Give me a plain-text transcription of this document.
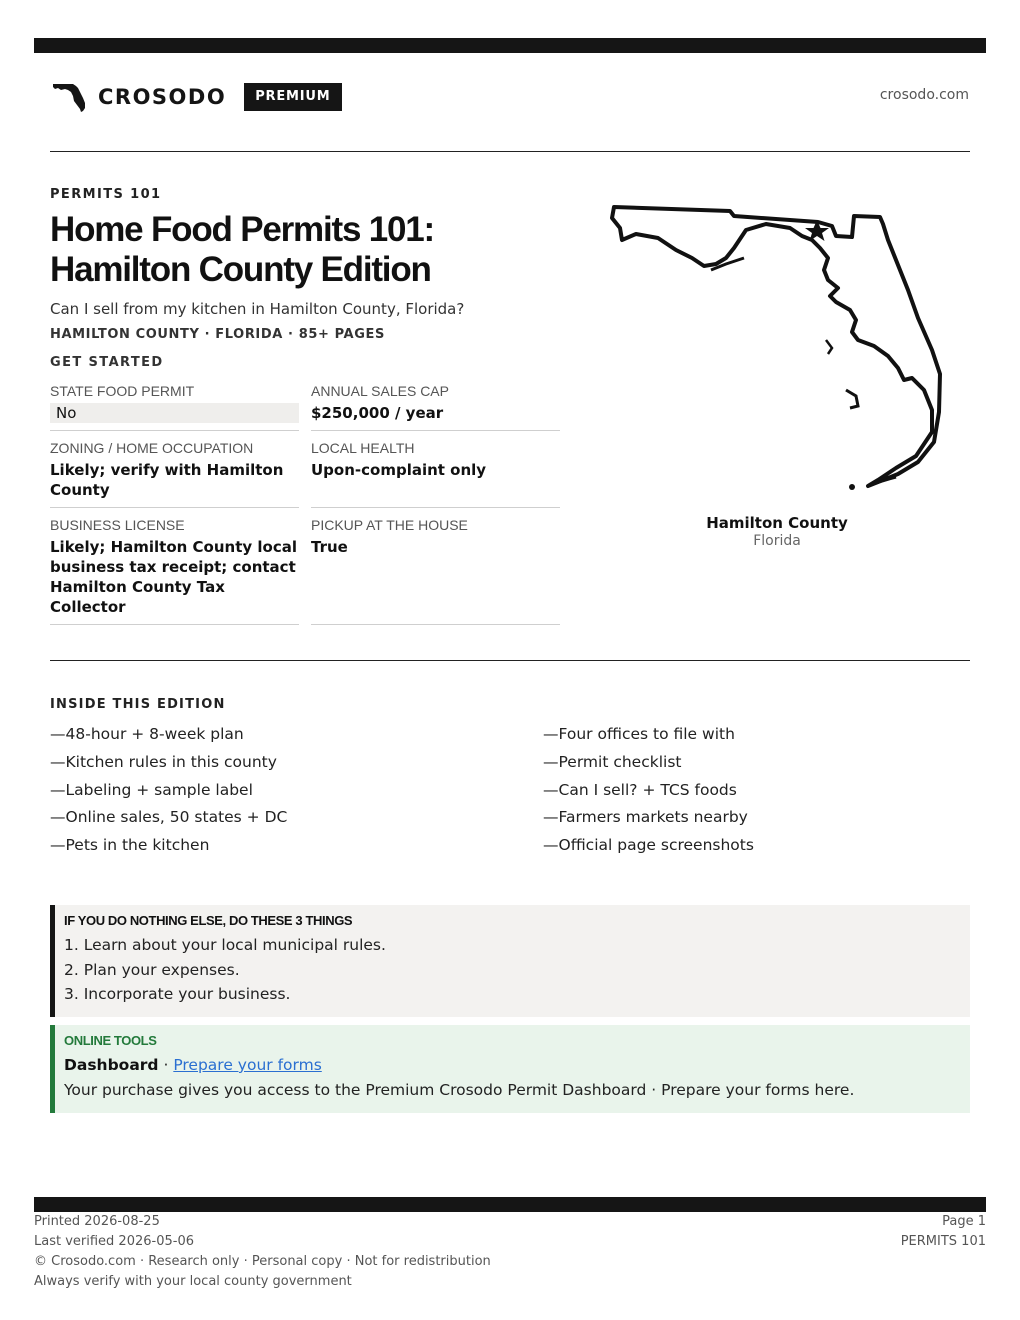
CROSODO	PREMIUM	crosodo.com
PERMITS 101
Home Food Permits 101:
Hamilton County Edition
Can I sell from my kitchen in Hamilton County, Florida?
HAMILTON COUNTY · FLORIDA · 85+ PAGES
GET STARTED
STATE FOOD PERMIT
No
ANNUAL SALES CAP
$250,000 / year
ZONING / HOME OCCUPATION
Likely; verify with Hamilton County
LOCAL HEALTH
Upon-complaint only
BUSINESS LICENSE
Likely; Hamilton County local business tax receipt; contact Hamilton County Tax Collector
PICKUP AT THE HOUSE
True
Hamilton County
Florida
INSIDE THIS EDITION
—48-hour + 8-week plan
—Kitchen rules in this county
—Labeling + sample label
—Online sales, 50 states + DC
—Pets in the kitchen
—Four offices to file with
—Permit checklist
—Can I sell? + TCS foods
—Farmers markets nearby
—Official page screenshots
IF YOU DO NOTHING ELSE, DO THESE 3 THINGS
1. Learn about your local municipal rules.
2. Plan your expenses.
3. Incorporate your business.
ONLINE TOOLS
Dashboard · Prepare your forms
Your purchase gives you access to the Premium Crosodo Permit Dashboard · Prepare your forms here.
Printed 2026-08-25
Last verified 2026-05-06
© Crosodo.com · Research only · Personal copy · Not for redistribution
Always verify with your local county government
Page 1
PERMITS 101
